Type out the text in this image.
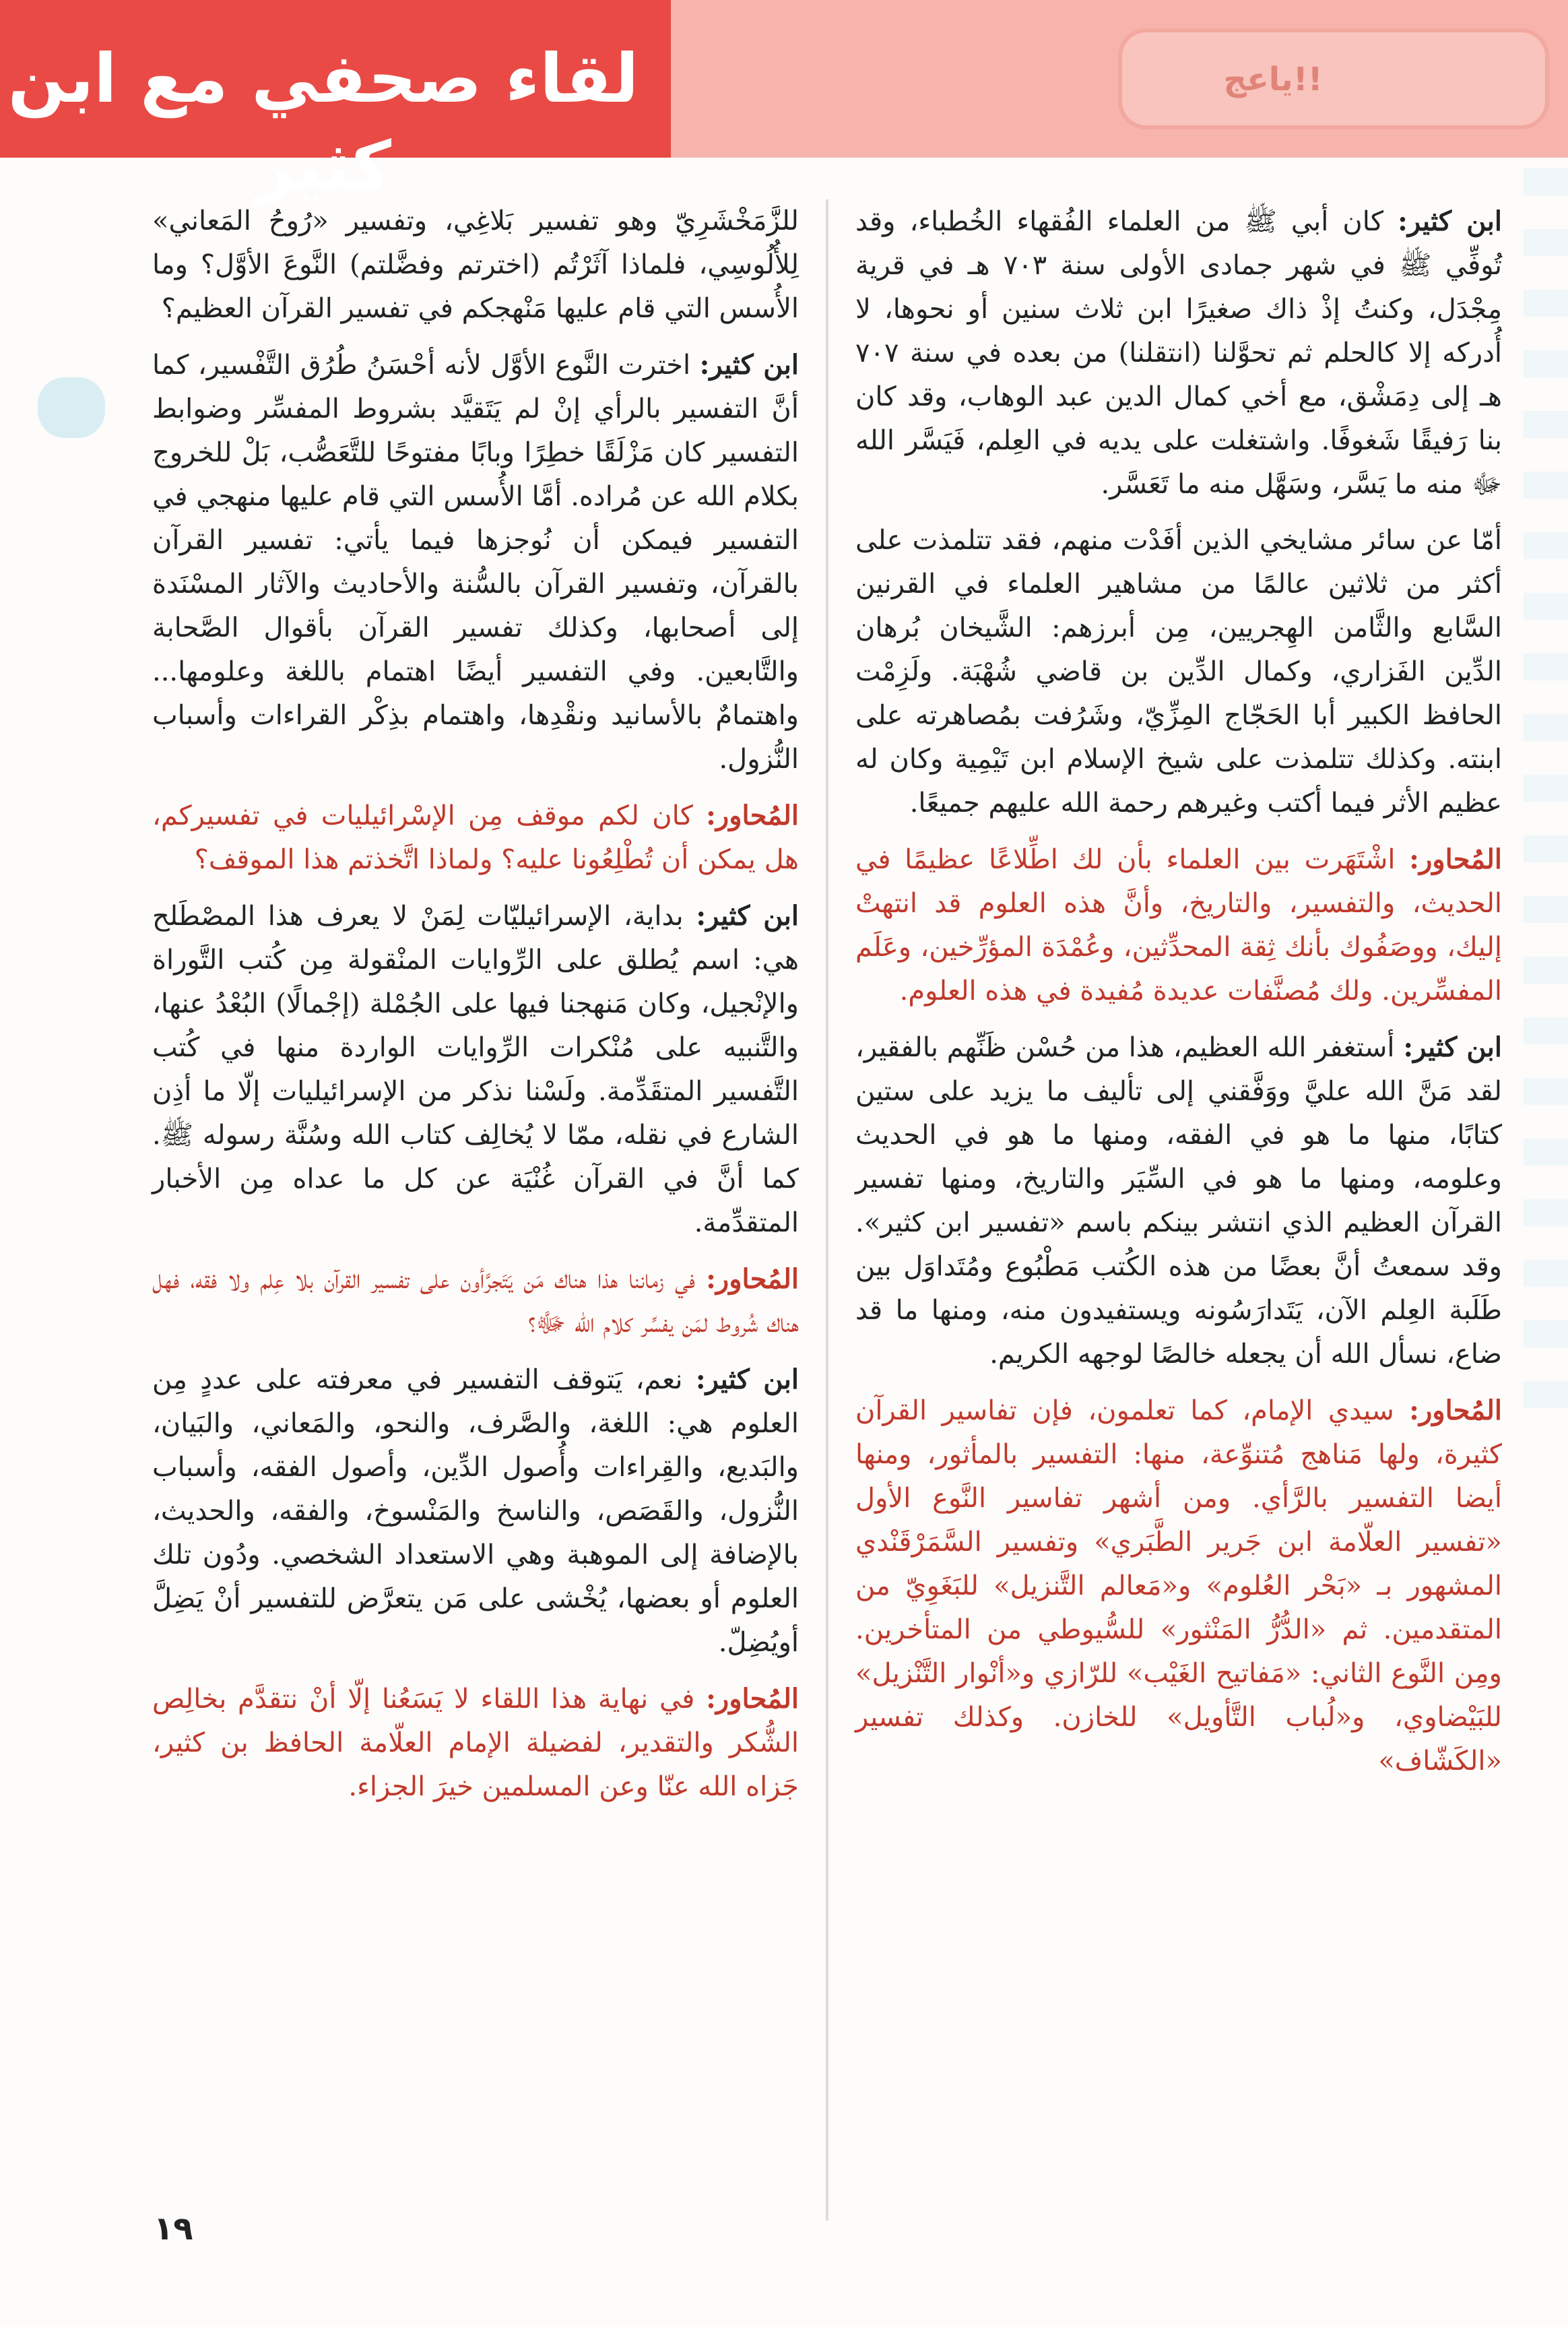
لقاء صحفي مع ابن كثير
!!ياعج

ابن كثير: كان أبي ﷺ من العلماء الفُقهاء الخُطباء، وقد تُوفِّي ﷺ في شهر جمادى الأولى سنة ٧٠٣ هـ في قرية مِجْدَل، وكنتُ إذْ ذاك صغيرًا ابن ثلاث سنين أو نحوها، لا أُدركه إلا كالحلم ثم تحوَّلنا (انتقلنا) من بعده في سنة ٧٠٧ هـ إلى دِمَشْق، مع أخي كمال الدين عبد الوهاب، وقد كان بنا رَفيقًا شَغوفًا. واشتغلت على يديه في العِلم، فَيَسَّر الله ﷻ منه ما يَسَّر، وسَهَّل منه ما تَعَسَّر.

أمّا عن سائر مشايخي الذين أفَدْت منهم، فقد تتلمذت على أكثر من ثلاثين عالمًا من مشاهير العلماء في القرنين السَّابع والثَّامن الهِجريين، مِن أبرزهم: الشَّيخان بُرهان الدِّين الفَزاري، وكمال الدِّين بن قاضي شُهْبَة. ولَزِمْت الحافظ الكبير أبا الحَجّاج المِزِّيّ، وشَرُفت بمُصاهرته على ابنته. وكذلك تتلمذت على شيخ الإسلام ابن تَيْمِية وكان له عظيم الأثر فيما أكتب وغيرهم رحمة الله عليهم جميعًا.

المُحاور: اشْتَهَرت بين العلماء بأن لك اطِّلاعًا عظيمًا في الحديث، والتفسير، والتاريخ، وأنَّ هذه العلوم قد انتهتْ إليك، ووصَفُوك بأنك ثِقة المحدِّثين، وعُمْدَة المؤرِّخين، وعَلَم المفسِّرين. ولك مُصنَّفات عديدة مُفيدة في هذه العلوم.

ابن كثير: أستغفر الله العظيم، هذا من حُسْن ظَنِّهم بالفقير، لقد مَنَّ الله عليَّ ووَفَّقني إلى تأليف ما يزيد على ستين كتابًا، منها ما هو في الفقه، ومنها ما هو في الحديث وعلومه، ومنها ما هو في السِّيَر والتاريخ، ومنها تفسير القرآن العظيم الذي انتشر بينكم باسم «تفسير ابن كثير». وقد سمعتُ أنَّ بعضًا من هذه الكُتب مَطْبُوع ومُتَداوَل بين طَلَبة العِلم الآن، يَتَدارَسُونه ويستفيدون منه، ومنها ما قد ضاع، نسأل الله أن يجعله خالصًا لوجهه الكريم.

المُحاور: سيدي الإمام، كما تعلمون، فإن تفاسير القرآن كثيرة، ولها مَناهج مُتنوِّعة، منها: التفسير بالمأثور، ومنها أيضا التفسير بالرَّأي. ومن أشهر تفاسير النَّوع الأول «تفسير العلّامة ابن جَرير الطَّبَري» وتفسير السَّمَرْقَنْدي المشهور بـ «بَحْر العُلوم» و«مَعالم التَّنزيل» للبَغَوِيّ من المتقدمين. ثم «الدُّرُّ المَنْثور» للسُّيوطي من المتأخرين. ومِن النَّوع الثاني: «مَفاتيح الغَيْب» للرّازي و«أنْوار التَّنْزيل» للبَيْضاوي، و«لُباب التَّأويل» للخازن. وكذلك تفسير «الكَشّاف»

للزَّمَخْشَرِيّ وهو تفسير بَلاغِي، وتفسير «رُوحُ المَعاني» لِلأُلُوسِي، فلماذا آثَرْتُم (اخترتم وفضَّلتم) النَّوعَ الأوَّل؟ وما الأُسس التي قام عليها مَنْهجكم في تفسير القرآن العظيم؟

ابن كثير: اخترت النَّوع الأوَّل لأنه أحْسَنُ طُرُق التَّفْسير، كما أنَّ التفسير بالرأي إنْ لم يَتَقيَّد بشروط المفسِّر وضوابط التفسير كان مَزْلَقًا خطِرًا وبابًا مفتوحًا للتَّعَصُّب، بَلْ للخروج بكلام الله عن مُراده. أمَّا الأُسس التي قام عليها منهجي في التفسير فيمكن أن نُوجزها فيما يأتي: تفسير القرآن بالقرآن، وتفسير القرآن بالسُّنة والأحاديث والآثار المسْنَدة إلى أصحابها، وكذلك تفسير القرآن بأقوال الصَّحابة والتَّابعين. وفي التفسير أيضًا اهتمام باللغة وعلومها... واهتمامٌ بالأسانيد ونقْدِها، واهتمام بذِكْر القراءات وأسباب النُّزول.

المُحاور: كان لكم موقف مِن الإسْرائيليات في تفسيركم، هل يمكن أن تُطْلِعُونا عليه؟ ولماذا اتَّخذتم هذا الموقف؟

ابن كثير: بداية، الإسرائيليّات لِمَنْ لا يعرف هذا المصْطَلح هي: اسم يُطلق على الرِّوايات المنْقولة مِن كُتب التَّوراة والإنْجيل، وكان مَنهجنا فيها على الجُمْلة (إجْمالًا) البُعْدُ عنها، والتَّنبيه على مُنْكرات الرِّوايات الواردة منها في كُتب التَّفسير المتقَدِّمة. ولَسْنا نذكر من الإسرائيليات إلّا ما أذِن الشارع في نقله، ممّا لا يُخالِف كتاب الله وسُنَّة رسوله ﷺ. كما أنَّ في القرآن غُنْيَة عن كل ما عداه مِن الأخبار المتقدِّمة.

المُحاور: في زماننا هذا هناك مَن يَتَجرَّأون على تفسير القرآن بلا عِلم ولا فقه، فهل هناك شُروط لمَن يفسِّر كلام الله ﷻ؟

ابن كثير: نعم، يَتوقف التفسير في معرفته على عددٍ مِن العلوم هي: اللغة، والصَّرف، والنحو، والمَعاني، والبَيان، والبَديع، والقِراءات وأُصول الدِّين، وأصول الفقه، وأسباب النُّزول، والقَصَص، والناسخ والمَنْسوخ، والفقه، والحديث، بالإضافة إلى الموهبة وهي الاستعداد الشخصي. ودُون تلك العلوم أو بعضها، يُخْشى على مَن يتعرَّض للتفسير أنْ يَضِلَّ أويُضِلّ.

المُحاور: في نهاية هذا اللقاء لا يَسَعُنا إلّا أنْ نتقدَّم بخالِص الشُّكر والتقدير، لفضيلة الإمام العلّامة الحافظ بن كثير، جَزاه الله عنّا وعن المسلمين خيرَ الجزاء.

١٩
